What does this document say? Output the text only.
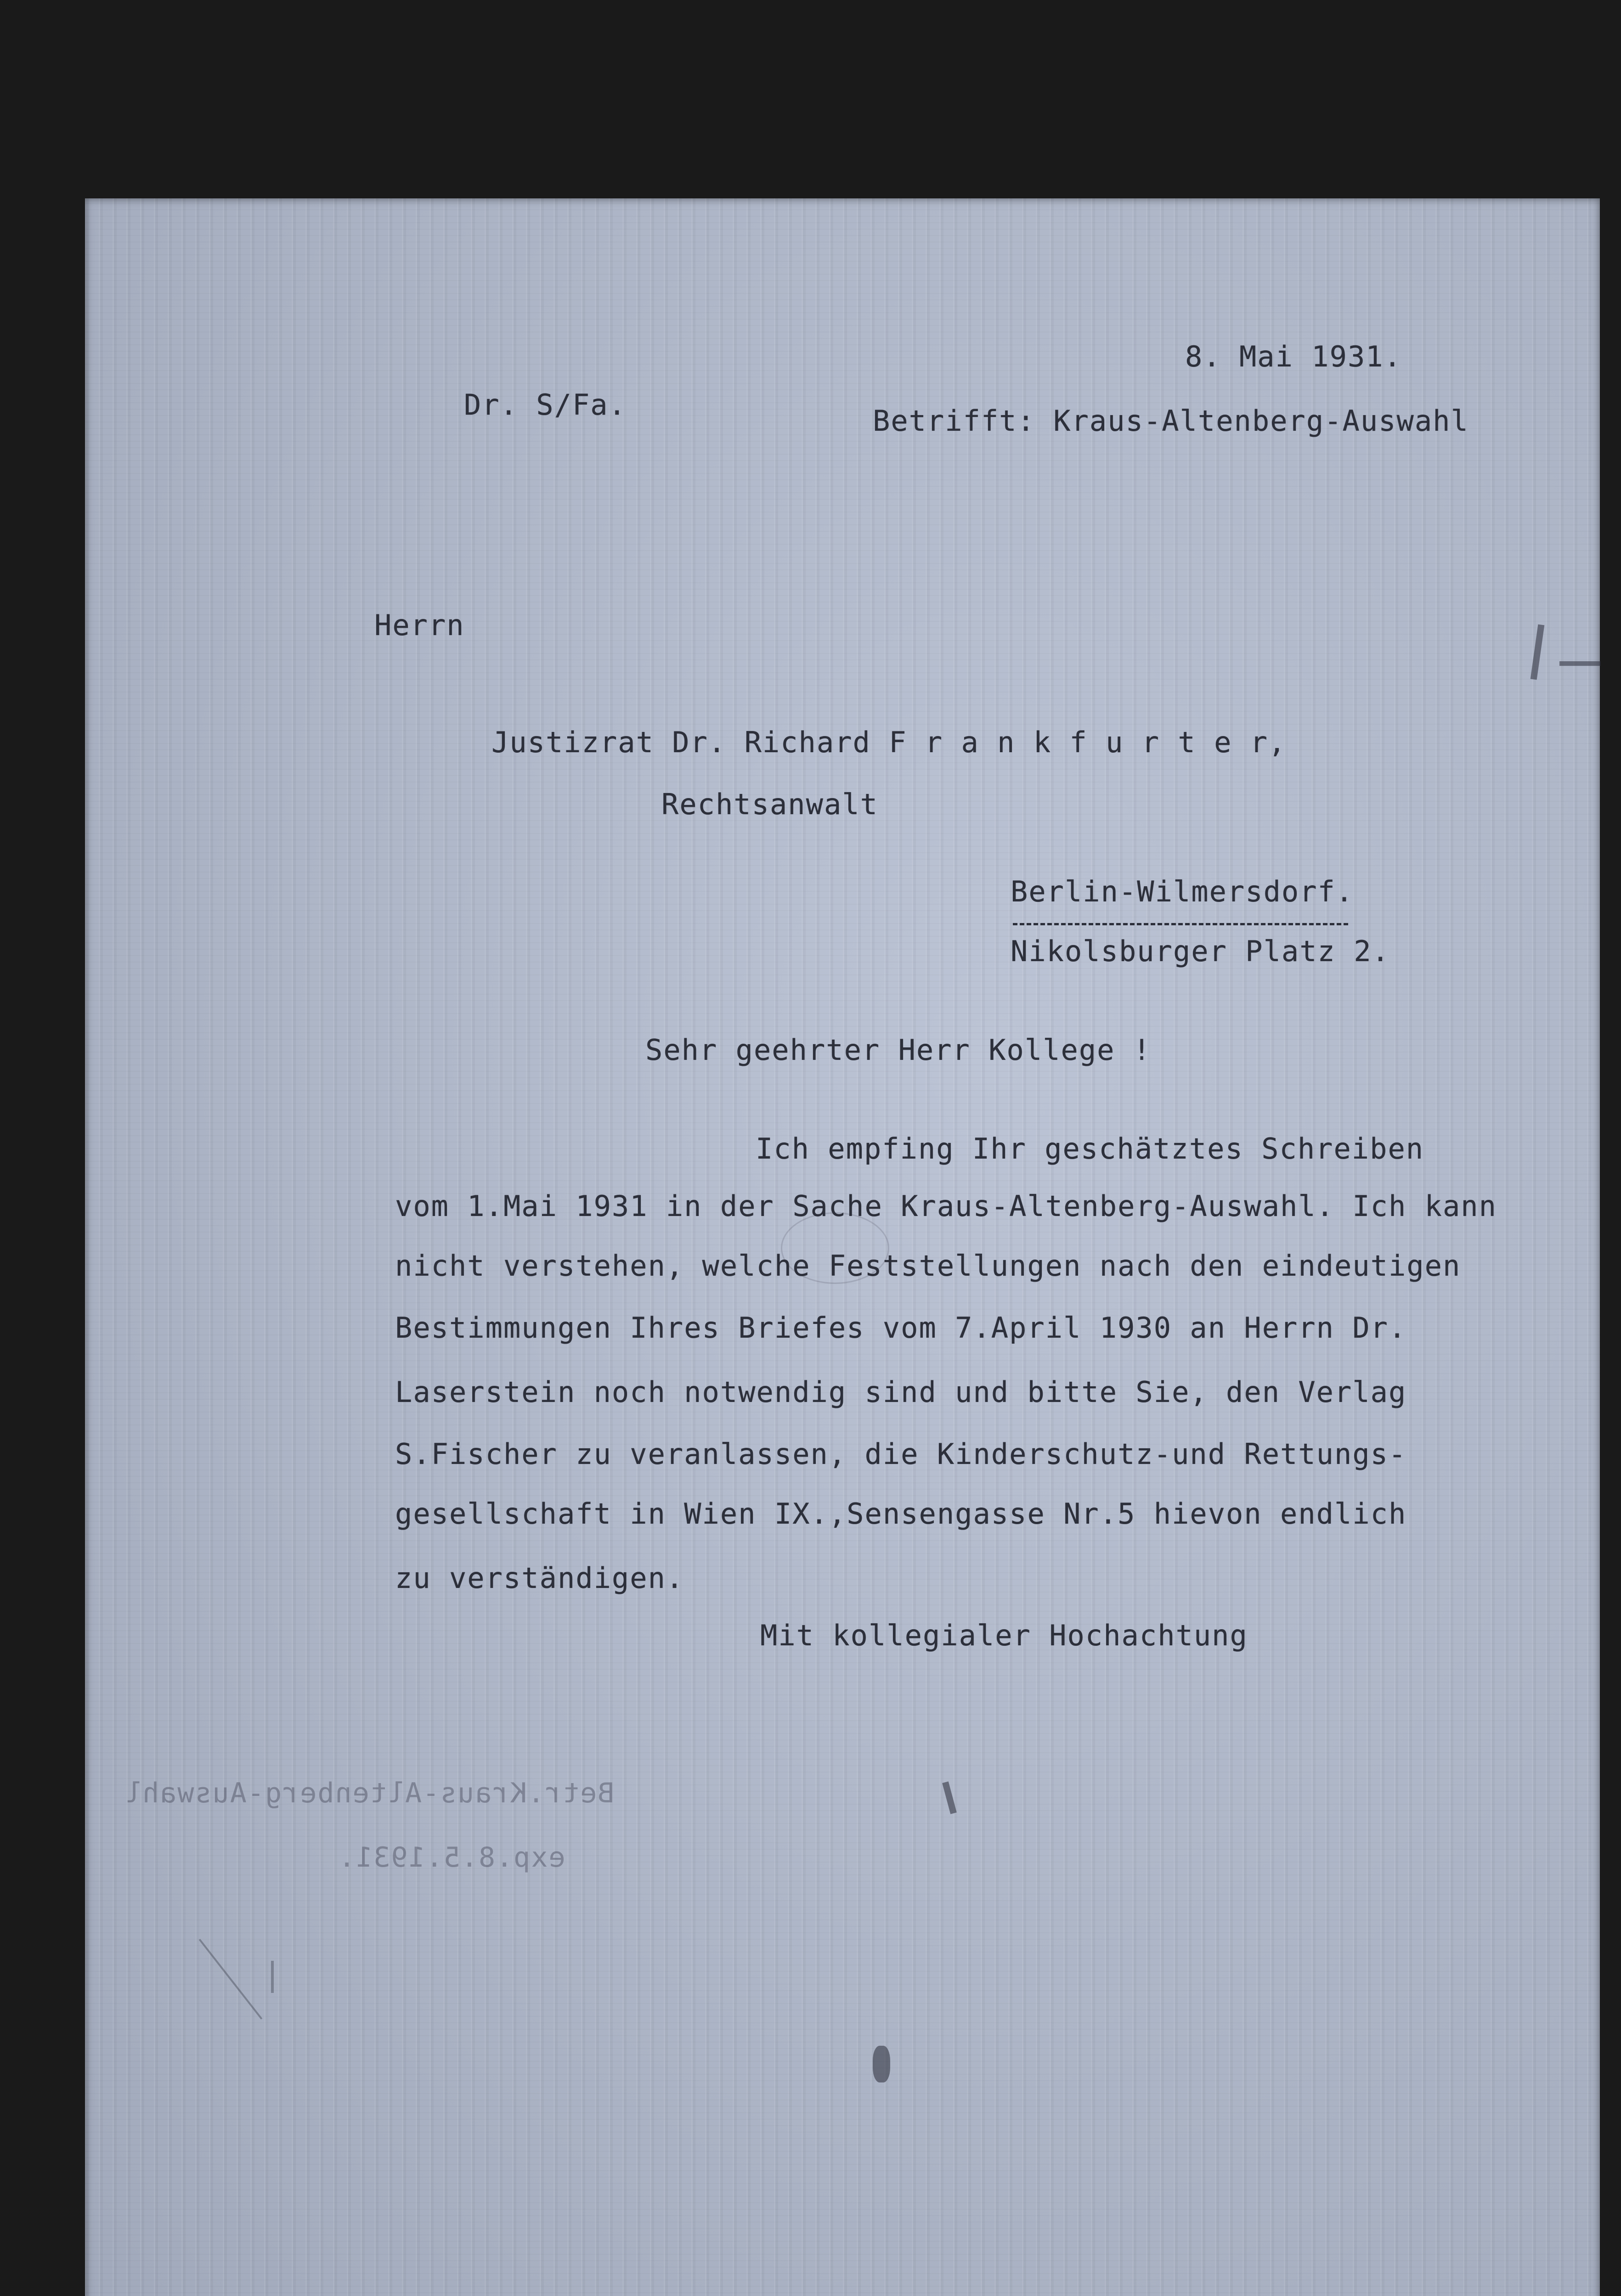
8. Mai 1931.
Dr. S/Fa.	Betrifft: Kraus-Altenberg-Auswahl
Herrn
Justizrat Dr. Richard F r a n k f u r t e r,
Rechtsanwalt
Berlin-Wilmersdorf.
Nikolsburger Platz 2.
Sehr geehrter Herr Kollege !
Ich empfing Ihr geschätztes Schreiben
vom 1.Mai 1931 in der Sache Kraus-Altenberg-Auswahl. Ich kann
nicht verstehen, welche Feststellungen nach den eindeutigen
Bestimmungen Ihres Briefes vom 7.April 1930 an Herrn Dr.
Laserstein noch notwendig sind und bitte Sie, den Verlag
S.Fischer zu veranlassen, die Kinderschutz-und Rettungs-
gesellschaft in Wien IX.,Sensengasse Nr.5 hievon endlich
zu verständigen.
Mit kollegialer Hochachtung
Betr.Kraus-Altenberg-Auswahl
exp.8.5.1931.
